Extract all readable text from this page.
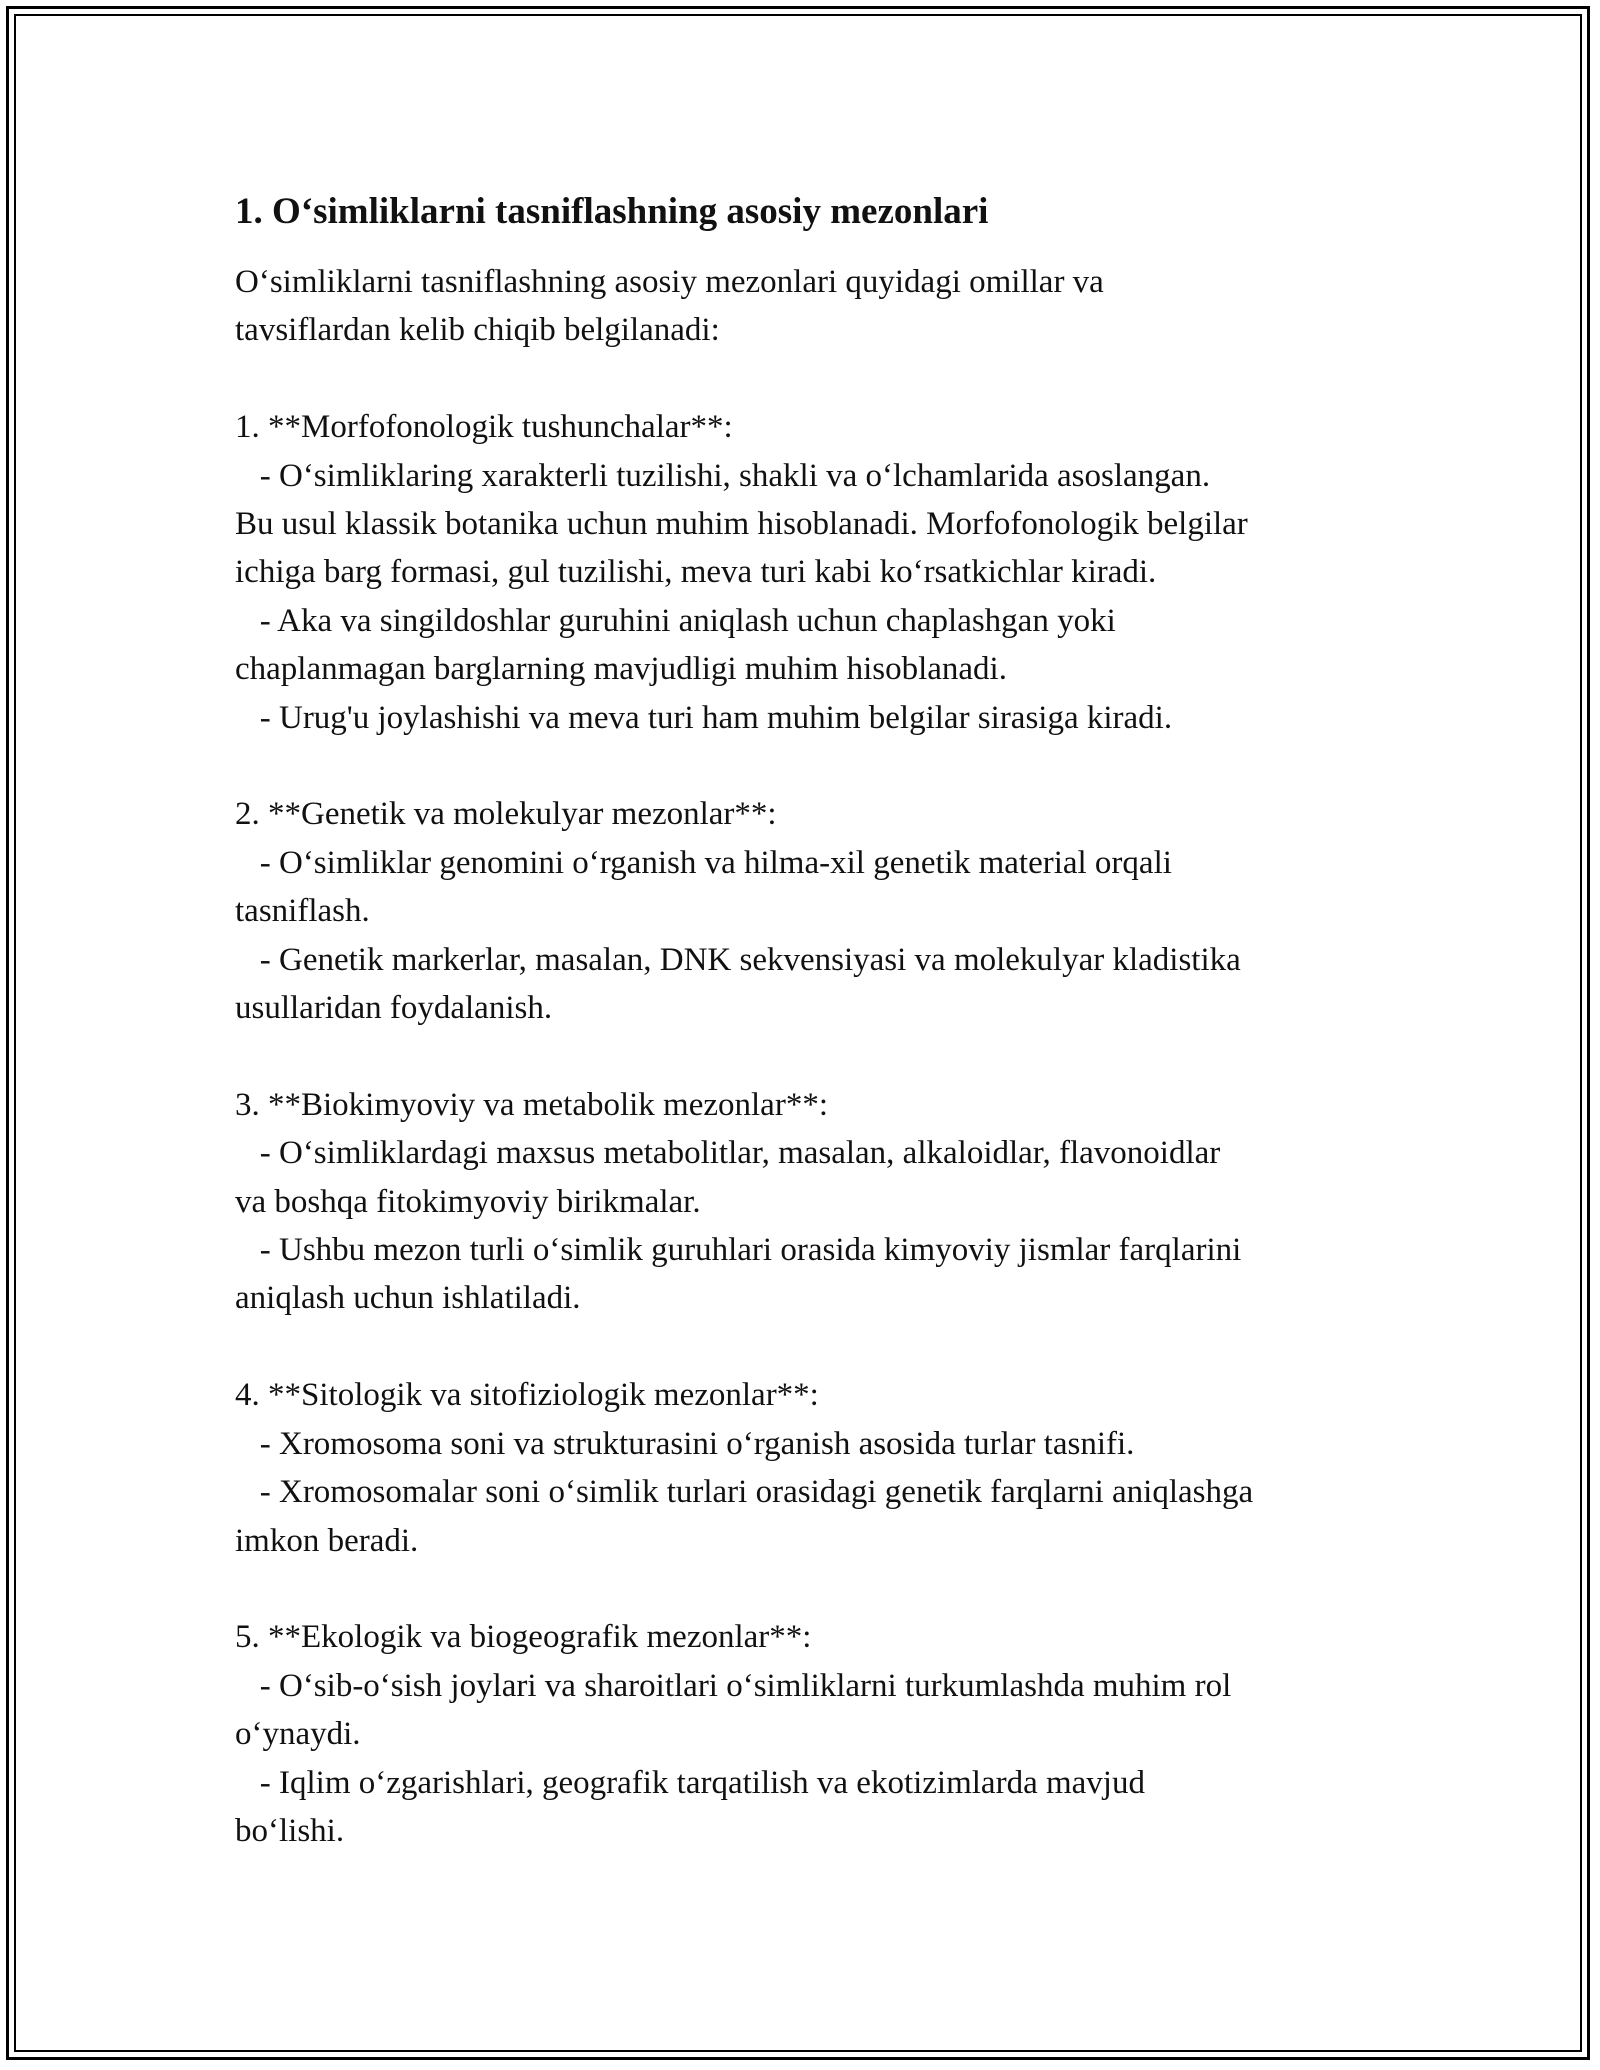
1. O‘simliklarni tasniflashning asosiy mezonlari
O‘simliklarni tasniflashning asosiy mezonlari quyidagi omillar va
tavsiflardan kelib chiqib belgilanadi:
1. **Morfofonologik tushunchalar**:
- O‘simliklaring xarakterli tuzilishi, shakli va o‘lchamlarida asoslangan.
Bu usul klassik botanika uchun muhim hisoblanadi. Morfofonologik belgilar
ichiga barg formasi, gul tuzilishi, meva turi kabi ko‘rsatkichlar kiradi.
- Aka va singildoshlar guruhini aniqlash uchun chaplashgan yoki
chaplanmagan barglarning mavjudligi muhim hisoblanadi.
- Urug'u joylashishi va meva turi ham muhim belgilar sirasiga kiradi.
2. **Genetik va molekulyar mezonlar**:
- O‘simliklar genomini o‘rganish va hilma-xil genetik material orqali
tasniflash.
- Genetik markerlar, masalan, DNK sekvensiyasi va molekulyar kladistika
usullaridan foydalanish.
3. **Biokimyoviy va metabolik mezonlar**:
- O‘simliklardagi maxsus metabolitlar, masalan, alkaloidlar, flavonoidlar
va boshqa fitokimyoviy birikmalar.
- Ushbu mezon turli o‘simlik guruhlari orasida kimyoviy jismlar farqlarini
aniqlash uchun ishlatiladi.
4. **Sitologik va sitofiziologik mezonlar**:
- Xromosoma soni va strukturasini o‘rganish asosida turlar tasnifi.
- Xromosomalar soni o‘simlik turlari orasidagi genetik farqlarni aniqlashga
imkon beradi.
5. **Ekologik va biogeografik mezonlar**:
- O‘sib-o‘sish joylari va sharoitlari o‘simliklarni turkumlashda muhim rol
o‘ynaydi.
- Iqlim o‘zgarishlari, geografik tarqatilish va ekotizimlarda mavjud
bo‘lishi.
